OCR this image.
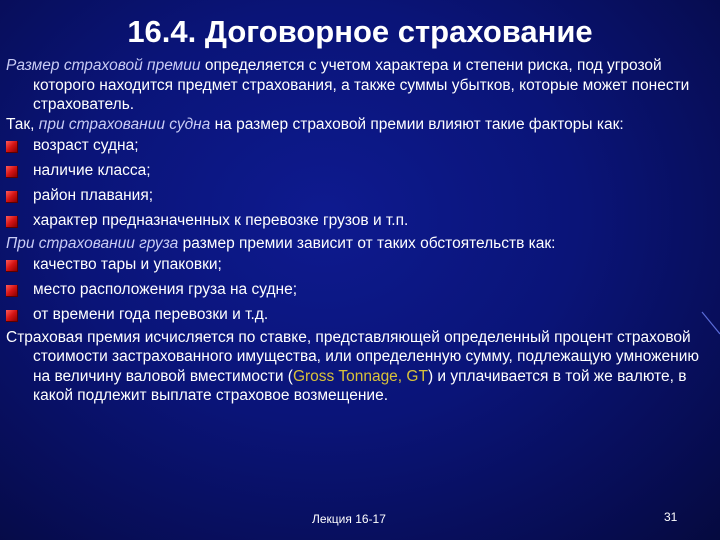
16.4. Договорное страхование

Размер страховой премии определяется с учетом характера и степени риска, под угрозой которого находится предмет страхования, а также суммы убытков, которые может понести страхователь.

Так, при страховании судна на размер страховой премии влияют такие факторы как:

возраст судна;

наличие класса;

район плавания;

характер предназначенных к перевозке грузов и т.п.

При страховании груза размер премии зависит от таких обстоятельств как:

качество тары и упаковки;

место расположения груза на судне;

от времени года перевозки и т.д.

Страховая премия исчисляется по ставке, представляющей определенный процент страховой стоимости застрахованного имущества, или определенную сумму, подлежащую умножению на величину валовой вместимости (Gross Tonnage, GT) и уплачивается в той же валюте, в какой подлежит выплате страховое возмещение.

Лекция 16-17	31
